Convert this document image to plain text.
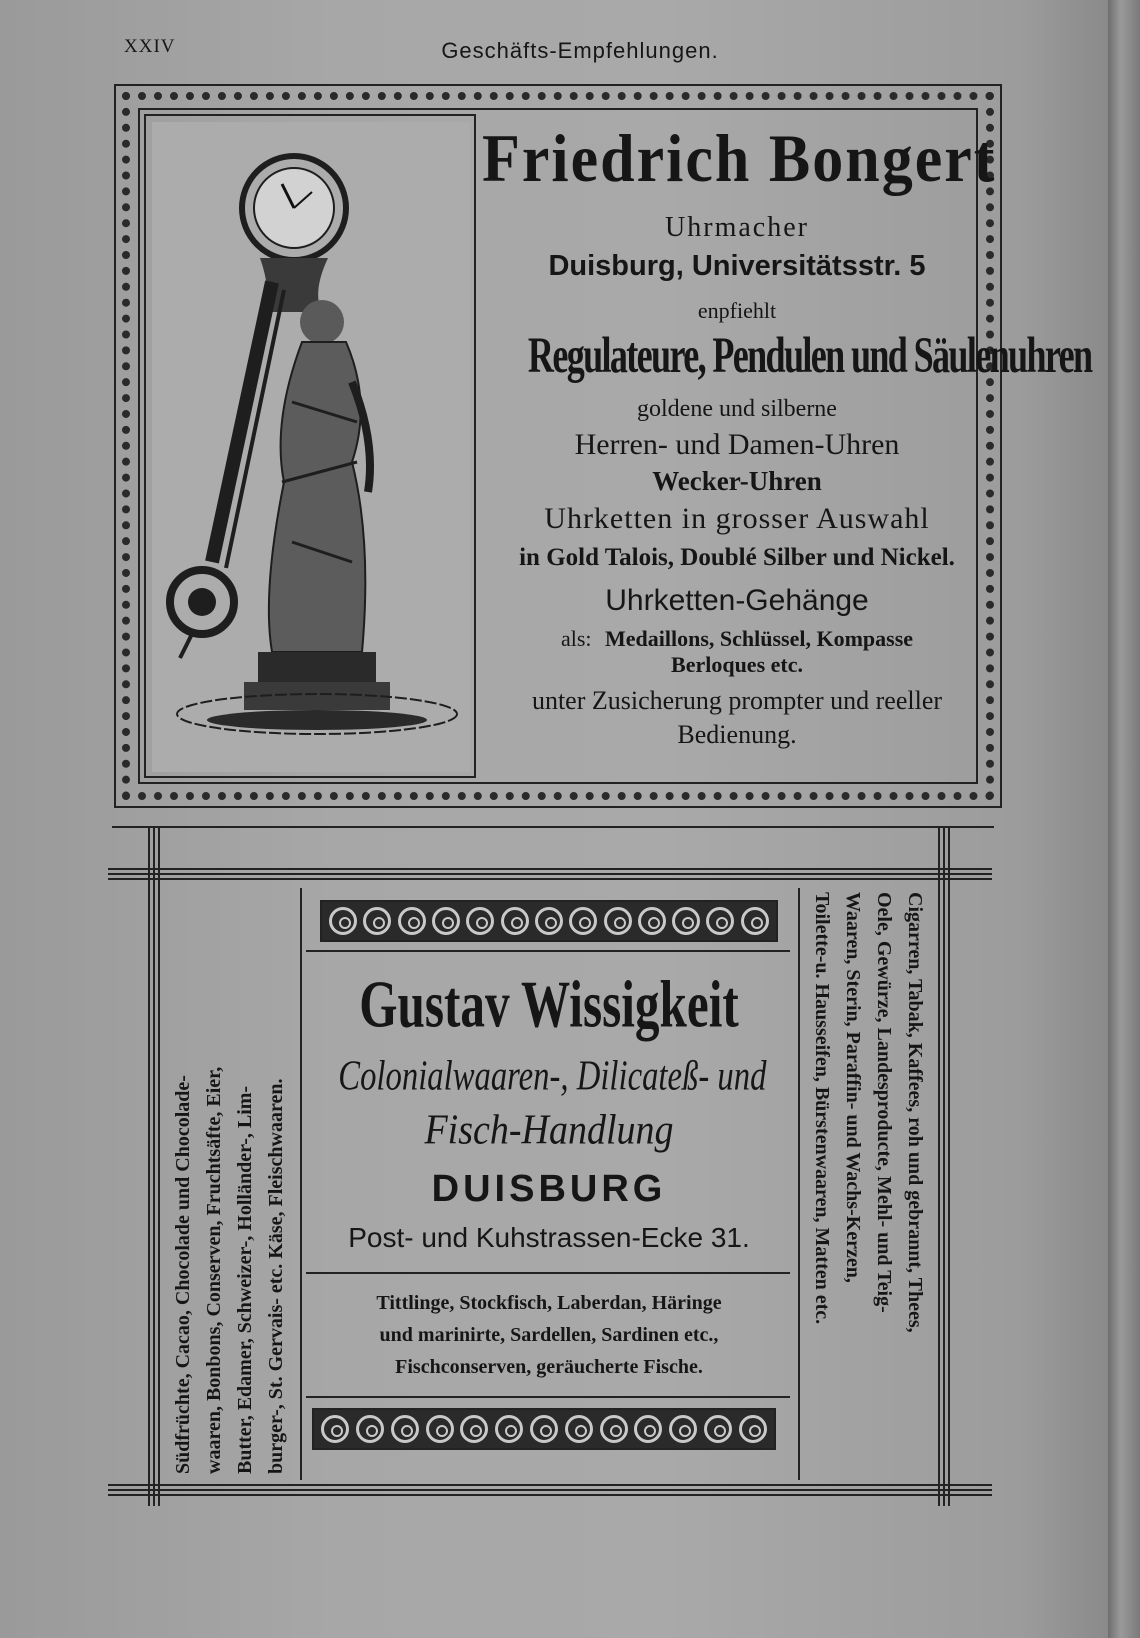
XXIV	Geschäfts-Empfehlungen.
Friedrich Bongert
Uhrmacher
Duisburg, Universitätsstr. 5
enpfiehlt
Regulateure, Pendulen und Säulenuhren
goldene und silberne
Herren- und Damen-Uhren
Wecker-Uhren
Uhrketten in grosser Auswahl
in Gold Talois, Doublé Silber und Nickel.
Uhrketten-Gehänge
als: Medaillons, Schlüssel, Kompasse
Berloques etc.
unter Zusicherung prompter und reeller
Bedienung.
Südfrüchte, Cacao, Chocolade und Chocolade- waaren, Bonbons, Conserven, Fruchtsäfte, Eier, Butter, Edamer, Schweizer-, Holländer-, Lim- burger-, St. Gervais- etc. Käse, Fleischwaaren.	Cigarren, Tabak, Kaffees, roh und gebrannt, Thees,
Oele, Gewürze, Landesproducte, Mehl- und Teig-
Waaren, Sterin, Paraffin- und Wachs-Kerzen,
Toilette-u. Hausseifen, Bürstenwaaren, Matten etc.
Gustav Wissigkeit
Colonialwaaren-, Dilicateß- und
Fisch-Handlung
DUISBURG
Post- und Kuhstrassen-Ecke 31.
Tittlinge, Stockfisch, Laberdan, Häringe
und marinirte, Sardellen, Sardinen etc.,
Fischconserven, geräucherte Fische.
